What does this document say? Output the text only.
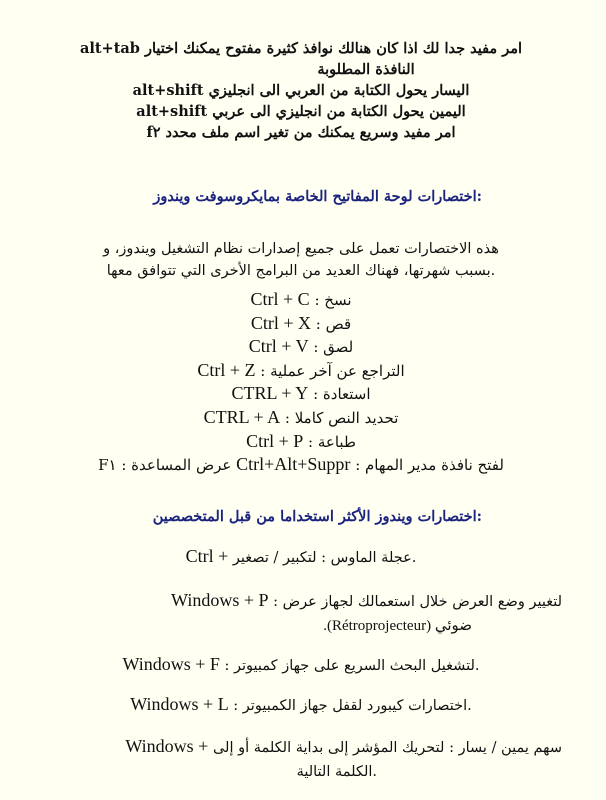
امر مفيد جدا لك اذا كان هنالك نوافذ كثيرة مفتوح يمكنك اختيار alt+tab
النافذة المطلوبة
اليسار يحول الكتابة من العربي الى انجليزي alt+shift
اليمين يحول الكتابة من انجليزي الى عربي alt+shift
امر مفيد وسريع يمكنك من تغير اسم ملف محدد f٢
:اختصارات لوحة المفاتيح الخاصة بمايكروسوفت ويندوز
هذه الاختصارات تعمل على جميع إصدارات نظام التشغيل ويندوز، و
.بسبب شهرتها، فهناك العديد من البرامج الأخرى التي تتوافق معها
نسخ : Ctrl + C
قص : Ctrl + X
لصق : Ctrl + V
التراجع عن آخر عملية : Ctrl + Z
استعادة : CTRL + Y
تحديد النص كاملا : CTRL + A
طباعة : Ctrl + P
لفتح نافذة مدير المهام : Ctrl+Alt+Suppr عرض المساعدة : F١
:اختصارات ويندوز الأكثر استخداما من قبل المتخصصين
.عجلة الماوس : لتكبير / تصغير Ctrl +
لتغيير وضع العرض خلال استعمالك لجهاز عرض : Windows + P
ضوئي (Rétroprojecteur).
.لتشغيل البحث السريع على جهاز كمبيوتر : Windows + F
.اختصارات كيبورد لقفل جهاز الكمبيوتر : Windows + L
سهم يمين / يسار : لتحريك المؤشر إلى بداية الكلمة أو إلى Windows +
.الكلمة التالية
